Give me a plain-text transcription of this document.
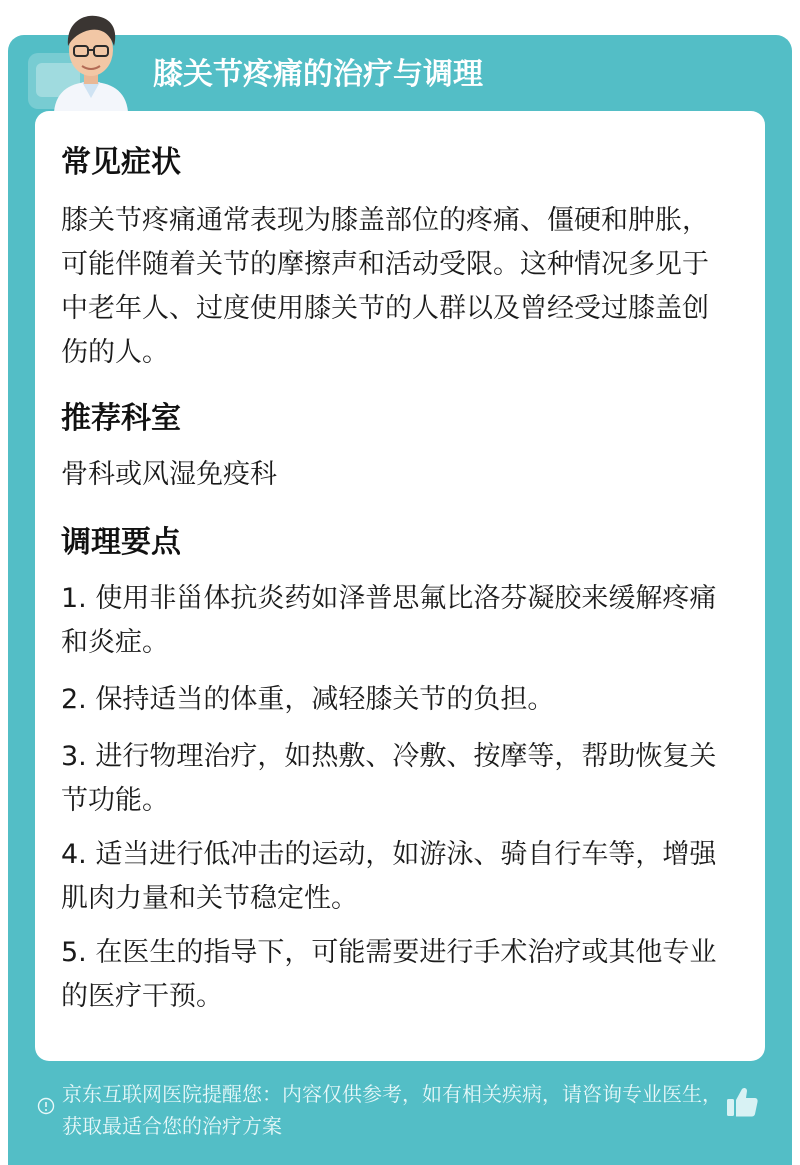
膝关节疼痛的治疗与调理
常见症状

膝关节疼痛通常表现为膝盖部位的疼痛、僵硬和肿胀，可能伴随着关节的摩擦声和活动受限。这种情况多见于中老年人、过度使用膝关节的人群以及曾经受过膝盖创伤的人。

推荐科室

骨科或风湿免疫科

调理要点

1. 使用非甾体抗炎药如泽普思氟比洛芬凝胶来缓解疼痛和炎症。

2. 保持适当的体重，减轻膝关节的负担。

3. 进行物理治疗，如热敷、冷敷、按摩等，帮助恢复关节功能。

4. 适当进行低冲击的运动，如游泳、骑自行车等，增强肌肉力量和关节稳定性。

5. 在医生的指导下，可能需要进行手术治疗或其他专业的医疗干预。

京东互联网医院提醒您：内容仅供参考，如有相关疾病，请咨询专业医生，获取最适合您的治疗方案
